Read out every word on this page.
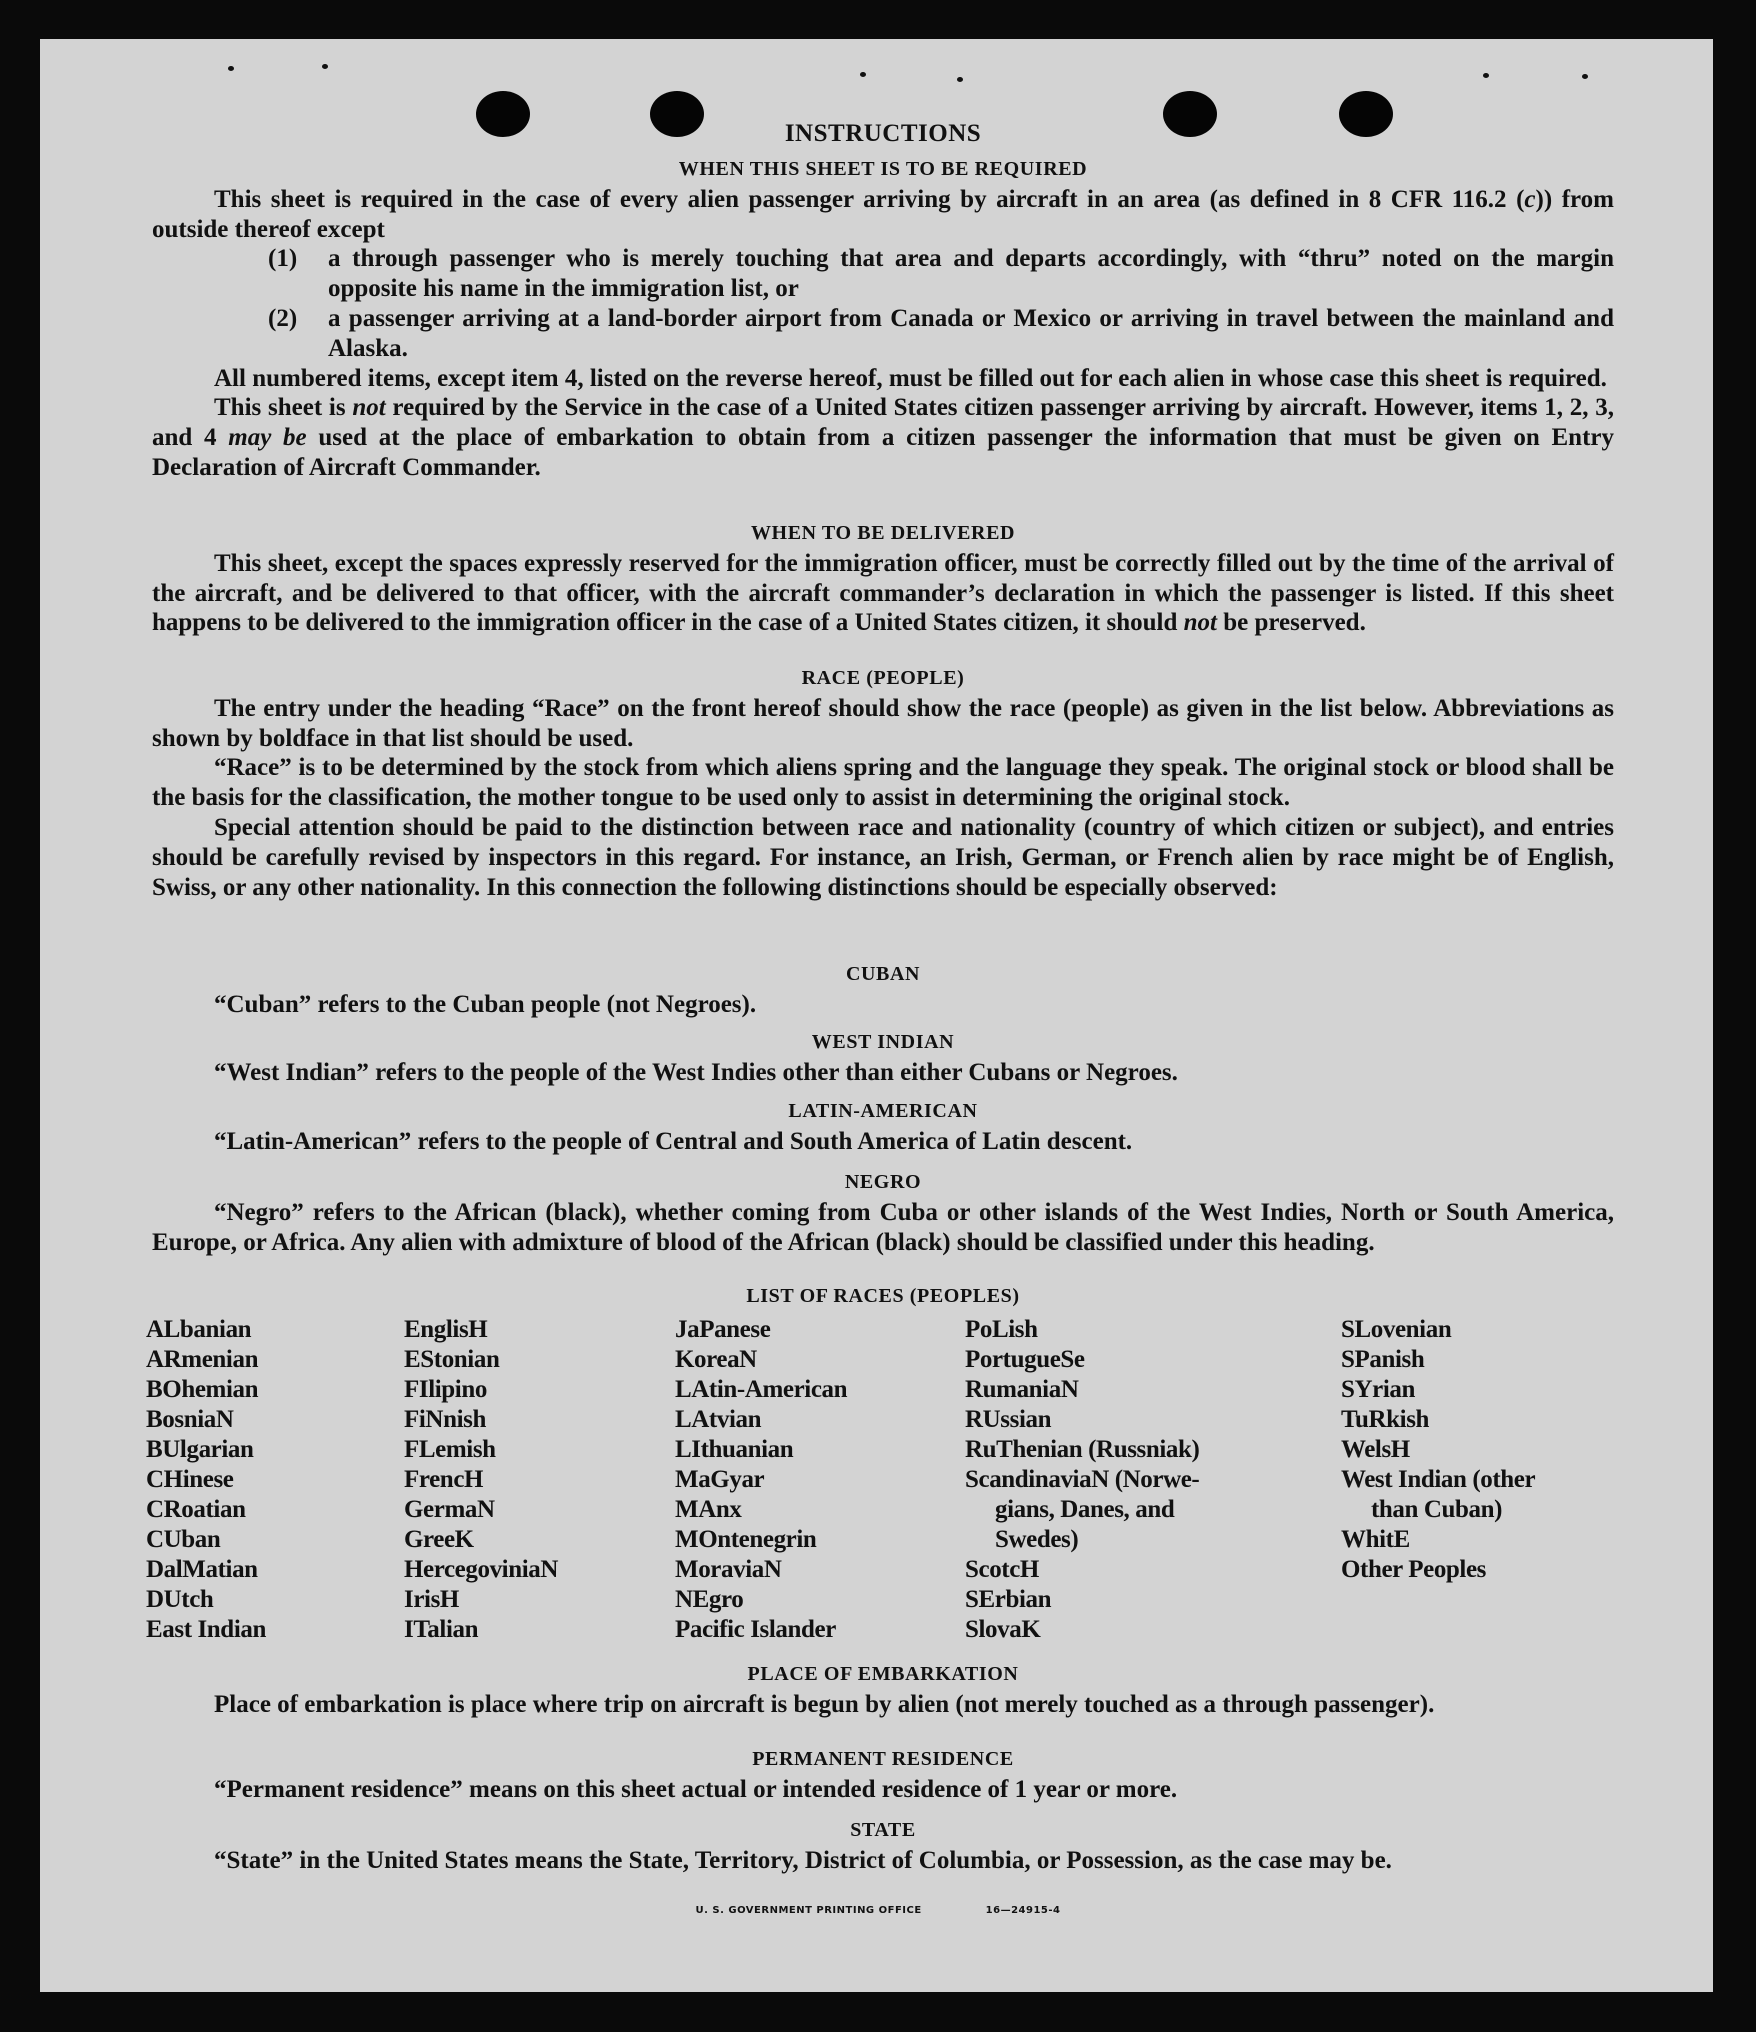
INSTRUCTIONS
WHEN THIS SHEET IS TO BE REQUIRED

This sheet is required in the case of every alien passenger arriving by aircraft in an area (as defined in 8 CFR 116.2 (c)) from outside thereof except

(1) a through passenger who is merely touching that area and departs accordingly, with “thru” noted on the margin opposite his name in the immigration list, or

(2) a passenger arriving at a land-border airport from Canada or Mexico or arriving in travel between the mainland and Alaska.

All numbered items, except item 4, listed on the reverse hereof, must be filled out for each alien in whose case this sheet is required.

This sheet is not required by the Service in the case of a United States citizen passenger arriving by aircraft. However, items 1, 2, 3, and 4 may be used at the place of embarkation to obtain from a citizen passenger the information that must be given on Entry Declaration of Aircraft Commander.

WHEN TO BE DELIVERED

This sheet, except the spaces expressly reserved for the immigration officer, must be correctly filled out by the time of the arrival of the aircraft, and be delivered to that officer, with the aircraft commander’s declaration in which the passenger is listed. If this sheet happens to be delivered to the immigration officer in the case of a United States citizen, it should not be preserved.

RACE (PEOPLE)

The entry under the heading “Race” on the front hereof should show the race (people) as given in the list below. Abbreviations as shown by boldface in that list should be used.

“Race” is to be determined by the stock from which aliens spring and the language they speak. The original stock or blood shall be the basis for the classification, the mother tongue to be used only to assist in determining the original stock.

Special attention should be paid to the distinction between race and nationality (country of which citizen or subject), and entries should be carefully revised by inspectors in this regard. For instance, an Irish, German, or French alien by race might be of English, Swiss, or any other nationality. In this connection the following distinctions should be especially observed:

CUBAN

“Cuban” refers to the Cuban people (not Negroes).

WEST INDIAN

“West Indian” refers to the people of the West Indies other than either Cubans or Negroes.

LATIN-AMERICAN

“Latin-American” refers to the people of Central and South America of Latin descent.

NEGRO

“Negro” refers to the African (black), whether coming from Cuba or other islands of the West Indies, North or South America, Europe, or Africa. Any alien with admixture of blood of the African (black) should be classified under this heading.

LIST OF RACES (PEOPLES)
PLACE OF EMBARKATION

Place of embarkation is place where trip on aircraft is begun by alien (not merely touched as a through passenger).

PERMANENT RESIDENCE

“Permanent residence” means on this sheet actual or intended residence of 1 year or more.

STATE

“State” in the United States means the State, Territory, District of Columbia, or Possession, as the case may be.

ALbanian
ARmenian
BOhemian
BosniaN
BUlgarian
CHinese
CRoatian
CUban
DalMatian
DUtch
East Indian
EnglisH
EStonian
FIlipino
FiNnish
FLemish
FrencH
GermaN
GreeK
HercegoviniaN
IrisH
ITalian
JaPanese
KoreaN
LAtin-American
LAtvian
LIthuanian
MaGyar
MAnx
MOntenegrin
MoraviaN
NEgro
Pacific Islander
PoLish
PortugueSe
RumaniaN
RUssian
RuThenian (Russniak)
ScandinaviaN (Norwe-
gians, Danes, and
Swedes)
ScotcH
SErbian
SlovaK
SLovenian
SPanish
SYrian
TuRkish
WelsH
West Indian (other
than Cuban)
WhitE
Other Peoples
U. S. GOVERNMENT PRINTING OFFICE	16—24915-4
